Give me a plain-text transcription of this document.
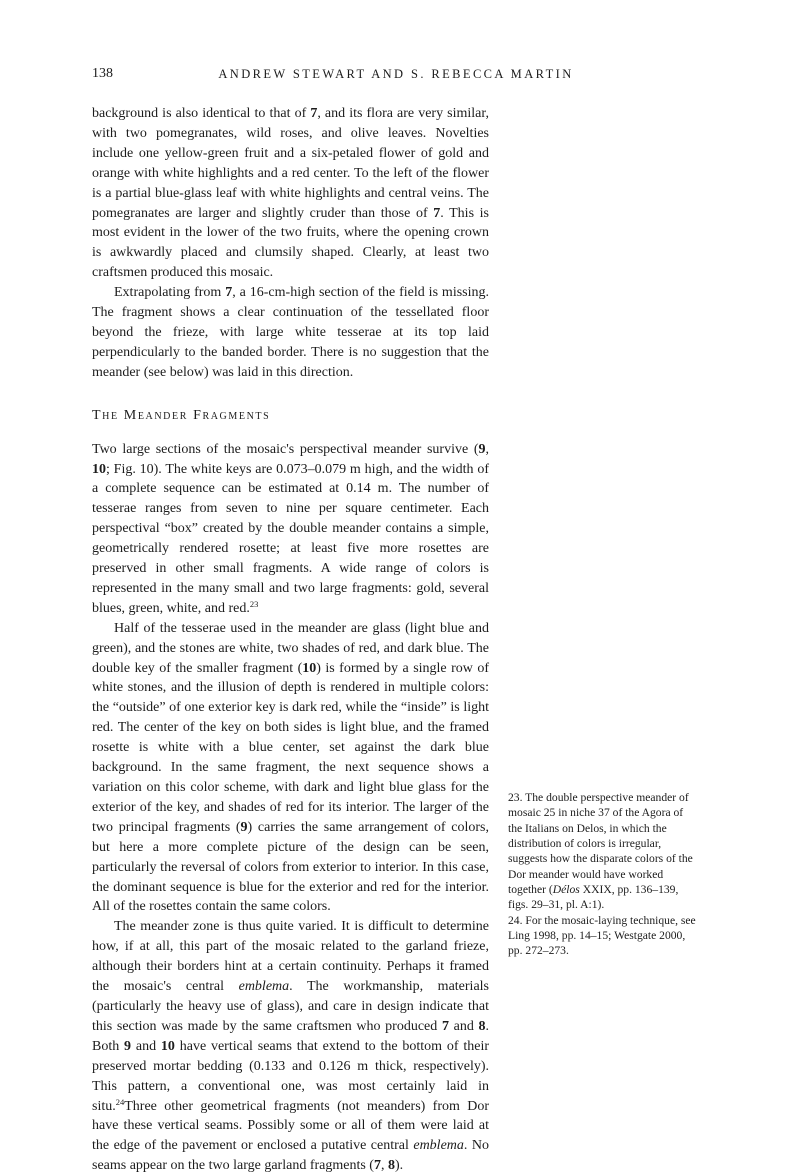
138	ANDREW STEWART AND S. REBECCA MARTIN

background is also identical to that of 7, and its flora are very similar, with two pomegranates, wild roses, and olive leaves. Novelties include one yellow-green fruit and a six-petaled flower of gold and orange with white highlights and a red center. To the left of the flower is a partial blue-glass leaf with white highlights and central veins. The pomegranates are larger and slightly cruder than those of 7. This is most evident in the lower of the two fruits, where the opening crown is awkwardly placed and clumsily shaped. Clearly, at least two craftsmen produced this mosaic.

Extrapolating from 7, a 16-cm-high section of the field is missing. The fragment shows a clear continuation of the tessellated floor beyond the frieze, with large white tesserae at its top laid perpendicularly to the banded border. There is no suggestion that the meander (see below) was laid in this direction.

The Meander Fragments

Two large sections of the mosaic's perspectival meander survive (9, 10; Fig. 10). The white keys are 0.073–0.079 m high, and the width of a complete sequence can be estimated at 0.14 m. The number of tesserae ranges from seven to nine per square centimeter. Each perspectival “box” created by the double meander contains a simple, geometrically rendered rosette; at least five more rosettes are preserved in other small fragments. A wide range of colors is represented in the many small and two large fragments: gold, several blues, green, white, and red.$^{23}$

Half of the tesserae used in the meander are glass (light blue and green), and the stones are white, two shades of red, and dark blue. The double key of the smaller fragment (10) is formed by a single row of white stones, and the illusion of depth is rendered in multiple colors: the “outside” of one exterior key is dark red, while the “inside” is light red. The center of the key on both sides is light blue, and the framed rosette is white with a blue center, set against the dark blue background. In the same fragment, the next sequence shows a variation on this color scheme, with dark and light blue glass for the exterior of the key, and shades of red for its interior. The larger of the two principal fragments (9) carries the same arrangement of colors, but here a more complete picture of the design can be seen, particularly the reversal of colors from exterior to interior. In this case, the dominant sequence is blue for the exterior and red for the interior. All of the rosettes contain the same colors.

The meander zone is thus quite varied. It is difficult to determine how, if at all, this part of the mosaic related to the garland frieze, although their borders hint at a certain continuity. Perhaps it framed the mosaic's central emblema. The workmanship, materials (particularly the heavy use of glass), and care in design indicate that this section was made by the same craftsmen who produced 7 and 8. Both 9 and 10 have vertical seams that extend to the bottom of their preserved mortar bedding (0.133 and 0.126 m thick, respectively). This pattern, a conventional one, was most certainly laid in situ.$^{24}$Three other geometrical fragments (not meanders) from Dor have these vertical seams. Possibly some or all of them were laid at the edge of the pavement or enclosed a putative central emblema. No seams appear on the two large garland fragments (7, 8).

23. The double perspective meander of mosaic 25 in niche 37 of the Agora of the Italians on Delos, in which the distribution of colors is irregular, suggests how the disparate colors of the Dor meander would have worked together (Délos XXIX, pp. 136–139, figs. 29–31, pl. A:1).

24. For the mosaic-laying technique, see Ling 1998, pp. 14–15; Westgate 2000, pp. 272–273.
